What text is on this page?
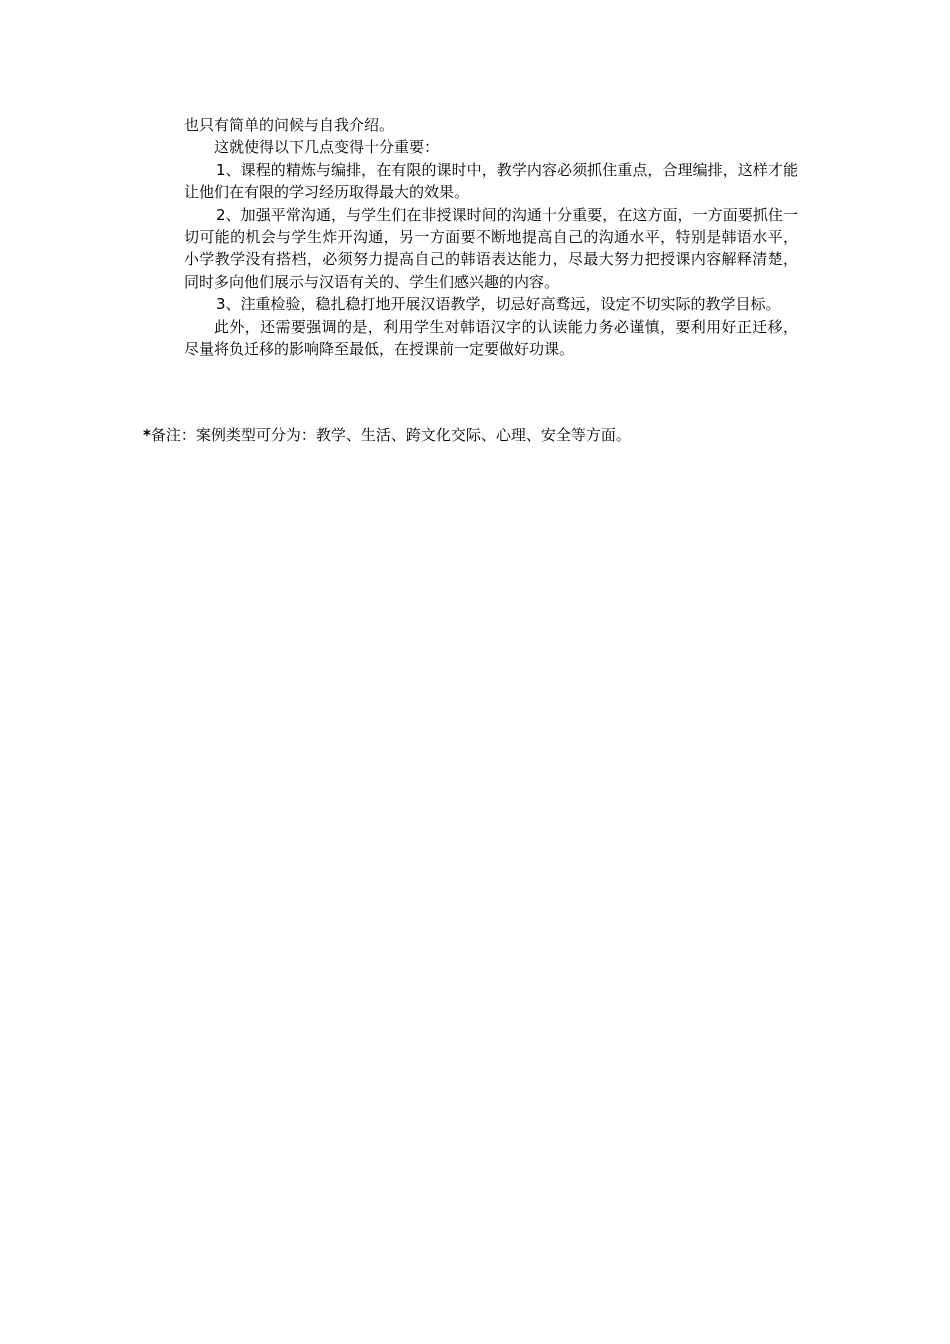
也只有简单的问候与自我介绍。

这就使得以下几点变得十分重要：

1、课程的精炼与编排，在有限的课时中，教学内容必须抓住重点，合理编排，这样才能让他们在有限的学习经历取得最大的效果。

2、加强平常沟通，与学生们在非授课时间的沟通十分重要，在这方面，一方面要抓住一切可能的机会与学生炸开沟通，另一方面要不断地提高自己的沟通水平，特别是韩语水平，小学教学没有搭档，必须努力提高自己的韩语表达能力，尽最大努力把授课内容解释清楚，同时多向他们展示与汉语有关的、学生们感兴趣的内容。

3、注重检验，稳扎稳打地开展汉语教学，切忌好高骛远，设定不切实际的教学目标。

此外，还需要强调的是，利用学生对韩语汉字的认读能力务必谨慎，要利用好正迁移，尽量将负迁移的影响降至最低，在授课前一定要做好功课。

*备注：案例类型可分为：教学、生活、跨文化交际、心理、安全等方面。
